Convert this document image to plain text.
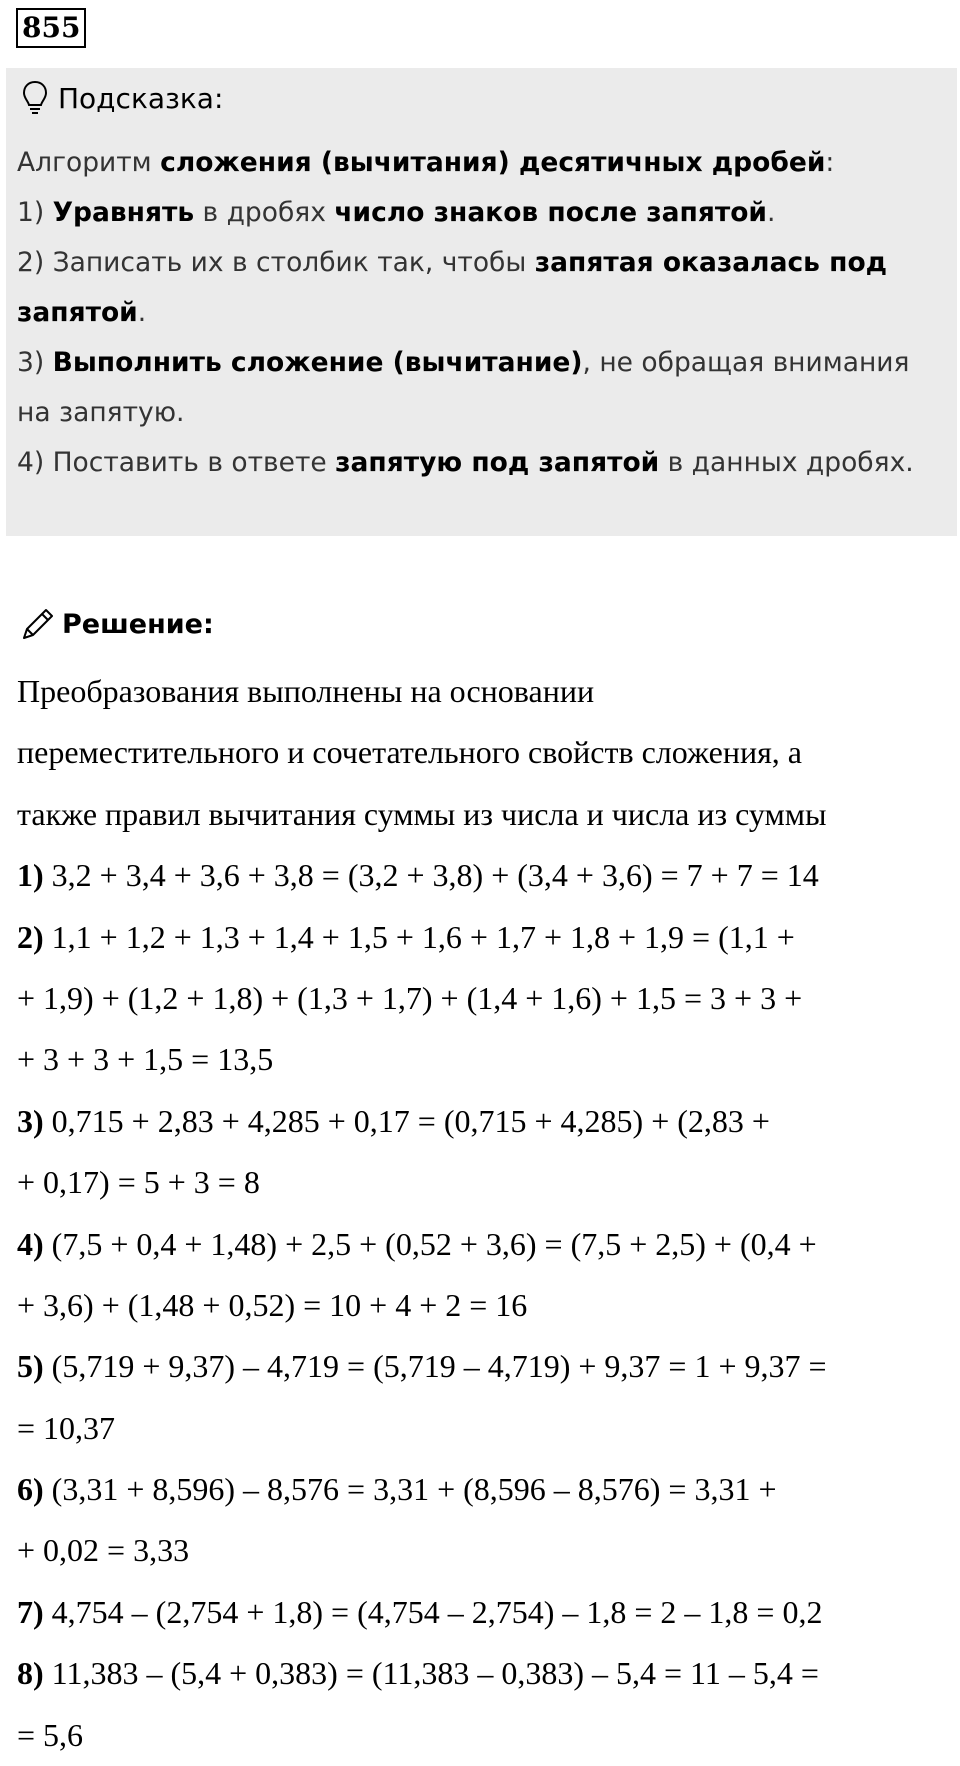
855
Подсказка:
Алгоритм сложения (вычитания) десятичных дробей:
1) Уравнять в дробях число знаков после запятой.
2) Записать их в столбик так, чтобы запятая оказалась под
запятой.
3) Выполнить сложение (вычитание), не обращая внимания
на запятую.
4) Поставить в ответе запятую под запятой в данных дробях.
Решение:
Преобразования выполнены на основании
переместительного и сочетательного свойств сложения, а
также правил вычитания суммы из числа и числа из суммы
1) 3,2 + 3,4 + 3,6 + 3,8 = (3,2 + 3,8) + (3,4 + 3,6) = 7 + 7 = 14
2) 1,1 + 1,2 + 1,3 + 1,4 + 1,5 + 1,6 + 1,7 + 1,8 + 1,9 = (1,1 +
+ 1,9) + (1,2 + 1,8) + (1,3 + 1,7) + (1,4 + 1,6) + 1,5 = 3 + 3 +
+ 3 + 3 + 1,5 = 13,5
3) 0,715 + 2,83 + 4,285 + 0,17 = (0,715 + 4,285) + (2,83 +
+ 0,17) = 5 + 3 = 8
4) (7,5 + 0,4 + 1,48) + 2,5 + (0,52 + 3,6) = (7,5 + 2,5) + (0,4 +
+ 3,6) + (1,48 + 0,52) = 10 + 4 + 2 = 16
5) (5,719 + 9,37) – 4,719 = (5,719 – 4,719) + 9,37 = 1 + 9,37 =
= 10,37
6) (3,31 + 8,596) – 8,576 = 3,31 + (8,596 – 8,576) = 3,31 +
+ 0,02 = 3,33
7) 4,754 – (2,754 + 1,8) = (4,754 – 2,754) – 1,8 = 2 – 1,8 = 0,2
8) 11,383 – (5,4 + 0,383) = (11,383 – 0,383) – 5,4 = 11 – 5,4 =
= 5,6
